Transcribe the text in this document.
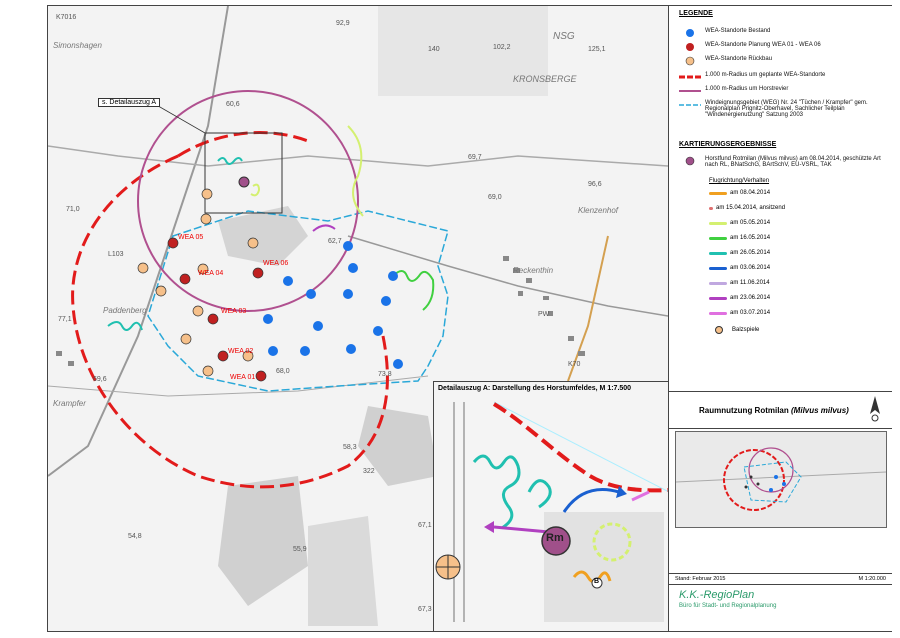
s. Detailauszug A
WEA 05
WEA 04
WEA 06
WEA 03
WEA 02
WEA 01
Simonshagen
Paddenberg
Krampfer
Klenzenhof
Reckenthin
NSG
KRONSBERGE
60,6
92,9
102,2	125,1
69,7
69,0
96,6
71,0
77,1
69,6
62,7
73,8
68,0
58,3
54,8
55,9
67,1
67,3
140
322
K7016
L103
PW
K70
Detailauszug A: Darstellung des Horstumfeldes, M 1:7.500
Rm
B
LEGENDE
WEA-Standorte Bestand
WEA-Standorte Planung WEA 01 - WEA 06
WEA-Standorte Rückbau
1.000 m-Radius um geplante WEA-Standorte
1.000 m-Radius um Horstrevier
Windeignungsgebiet (WEG) Nr. 24 "Tüchen / Krampfer" gem. Regionalplan Prignitz-Oberhavel, Sachlicher Teilplan "Windenergienutzung" Satzung 2003
KARTIERUNGSERGEBNISSE
Horstfund Rotmilan (Milvus milvus) am 08.04.2014, geschützte Art nach RL, BNatSchG, BArtSchV, EU-VSRL, TAK
Flugrichtung/Verhalten
am 08.04.2014
am 15.04.2014, ansitzend
am 05.05.2014
am 16.05.2014
am 26.05.2014
am 03.06.2014
am 11.06.2014
am 23.06.2014
am 03.07.2014
Balzspiele
Raumnutzung Rotmilan (Milvus milvus)
Stand: Februar 2015	M 1:20.000
K.K.-RegioPlan
Büro für Stadt- und Regionalplanung
